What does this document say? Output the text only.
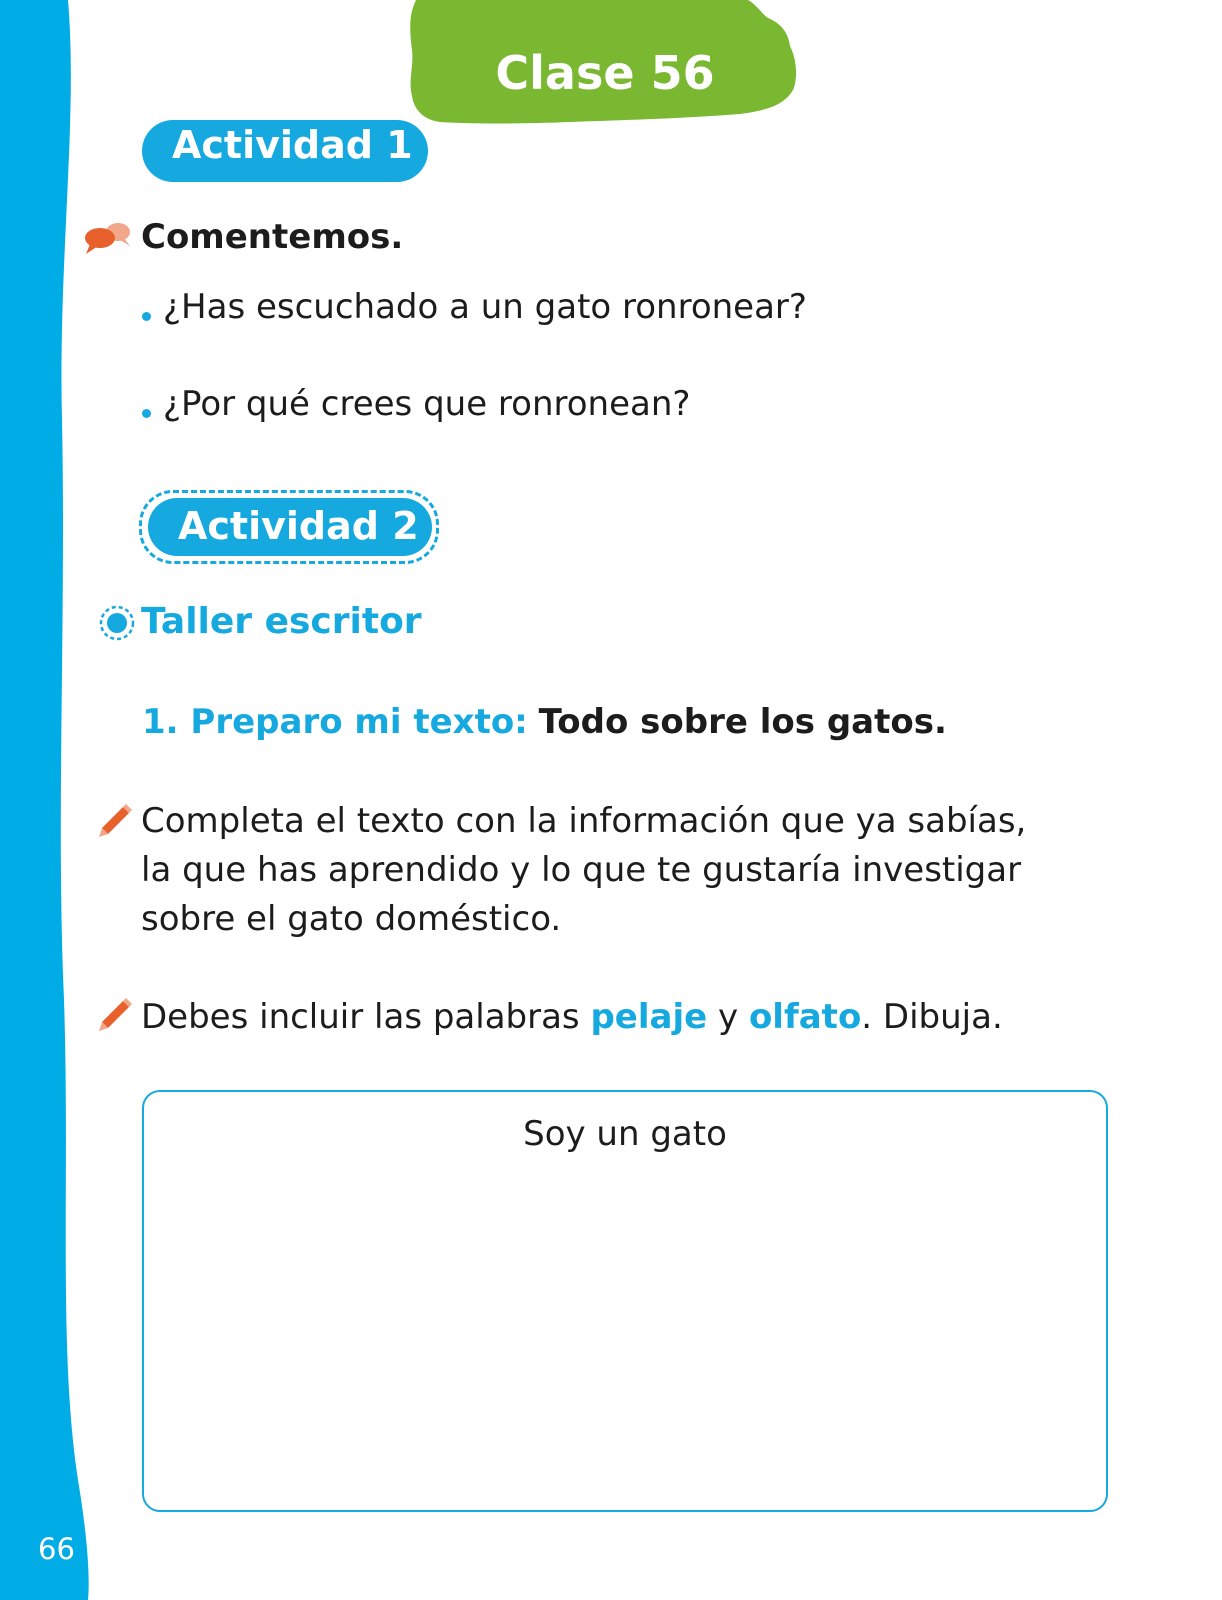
66
Clase 56
Actividad 1
Comentemos.
¿Has escuchado a un gato ronronear?
¿Por qué crees que ronronean?
Actividad 2
Taller escritor
1. Preparo mi texto: Todo sobre los gatos.
Completa el texto con la información que ya sabías,
la que has aprendido y lo que te gustaría investigar
sobre el gato doméstico.
Debes incluir las palabras pelaje y olfato. Dibuja.
Soy un gato
